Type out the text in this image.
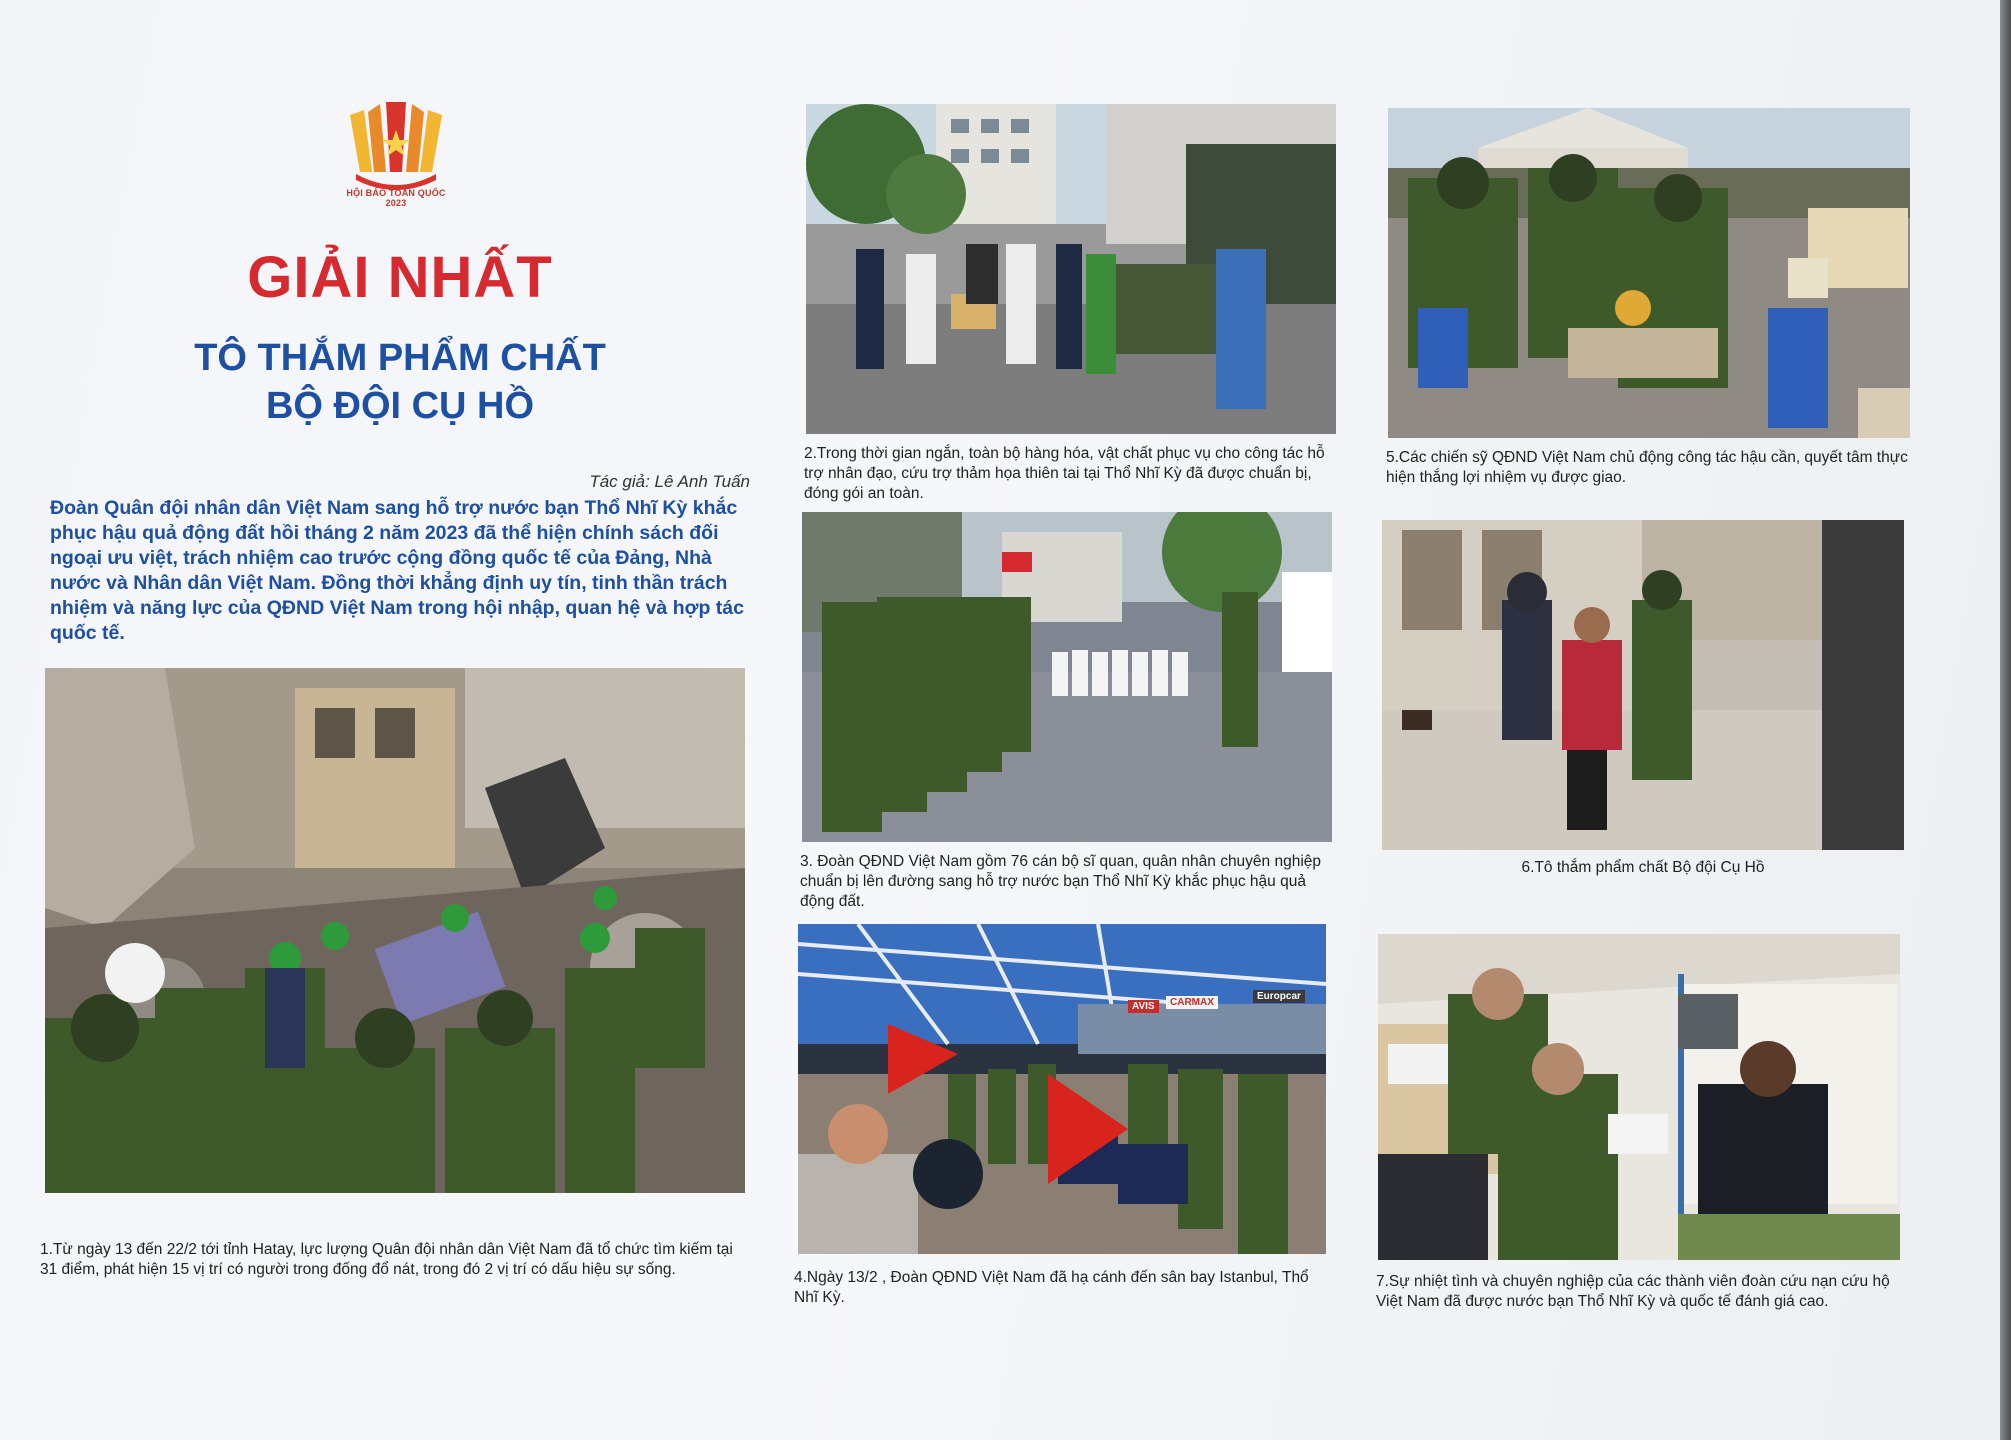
HỘI BÁO TOÀN QUỐC 2023
GIẢI NHẤT
TÔ THẮM PHẨM CHẤT
BỘ ĐỘI CỤ HỒ
Tác giả: Lê Anh Tuấn
Đoàn Quân đội nhân dân Việt Nam sang hỗ trợ nước bạn Thổ Nhĩ Kỳ khắc phục hậu quả động đất hồi tháng 2 năm 2023 đã thể hiện chính sách đối ngoại ưu việt, trách nhiệm cao trước cộng đồng quốc tế của Đảng, Nhà nước và Nhân dân Việt Nam. Đồng thời khẳng định uy tín, tinh thần trách nhiệm và năng lực của QĐND Việt Nam trong hội nhập, quan hệ và hợp tác quốc tế.
1.Từ ngày 13 đến 22/2 tới tỉnh Hatay, lực lượng Quân đội nhân dân Việt Nam đã tổ chức tìm kiếm tại 31 điểm, phát hiện 15 vị trí có người trong đống đổ nát, trong đó 2 vị trí có dấu hiệu sự sống.
2.Trong thời gian ngắn, toàn bộ hàng hóa, vật chất phục vụ cho công tác hỗ trợ nhân đạo, cứu trợ thảm họa thiên tai tại Thổ Nhĩ Kỳ đã được chuẩn bị, đóng gói an toàn.
3. Đoàn QĐND Việt Nam gồm 76 cán bộ sĩ quan, quân nhân chuyên nghiệp chuẩn bị lên đường sang hỗ trợ nước bạn Thổ Nhĩ Kỳ khắc phục hậu quả động đất.
AVIS	CARMAX
Europcar
4.Ngày 13/2 , Đoàn QĐND Việt Nam đã hạ cánh đến sân bay Istanbul, Thổ Nhĩ Kỳ.
5.Các chiến sỹ QĐND Việt Nam chủ động công tác hậu cần, quyết tâm thực hiện thắng lợi nhiệm vụ được giao.
6.Tô thắm phẩm chất Bộ đội Cụ Hồ
7.Sự nhiệt tình và chuyên nghiệp của các thành viên đoàn cứu nạn cứu hộ Việt Nam đã được nước bạn Thổ Nhĩ Kỳ và quốc tế đánh giá cao.
